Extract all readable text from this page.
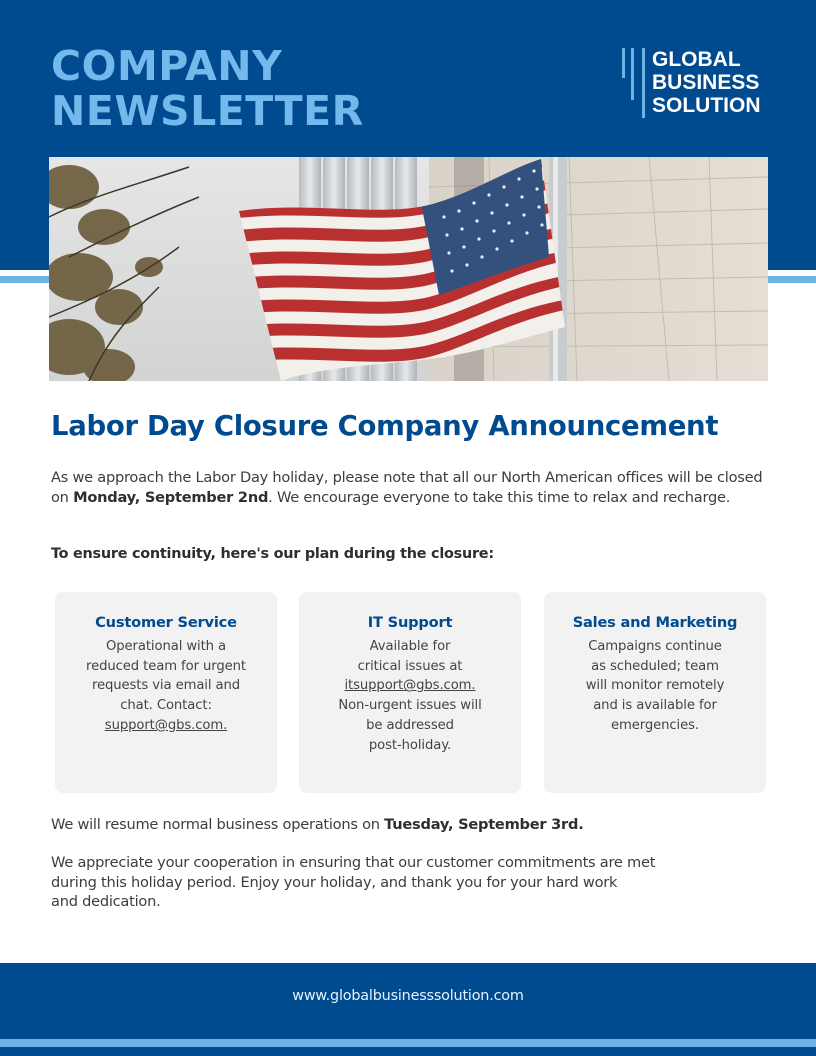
COMPANY
NEWSLETTER
GLOBAL
BUSINESS
SOLUTION
Labor Day Closure Company Announcement

As we approach the Labor Day holiday, please note that all our North American offices will be closed on Monday, September 2nd. We encourage everyone to take this time to relax and recharge.

To ensure continuity, here's our plan during the closure:
Customer Service
Operational with a
reduced team for urgent
requests via email and
chat. Contact:
support@gbs.com.
IT Support
Available for
critical issues at
itsupport@gbs.com.
Non-urgent issues will
be addressed
post-holiday.
Sales and Marketing
Campaigns continue
as scheduled; team
will monitor remotely
and is available for
emergencies.

We will resume normal business operations on Tuesday, September 3rd.

We appreciate your cooperation in ensuring that our customer commitments are met
during this holiday period. Enjoy your holiday, and thank you for your hard work
and dedication.
www.globalbusinesssolution.com
